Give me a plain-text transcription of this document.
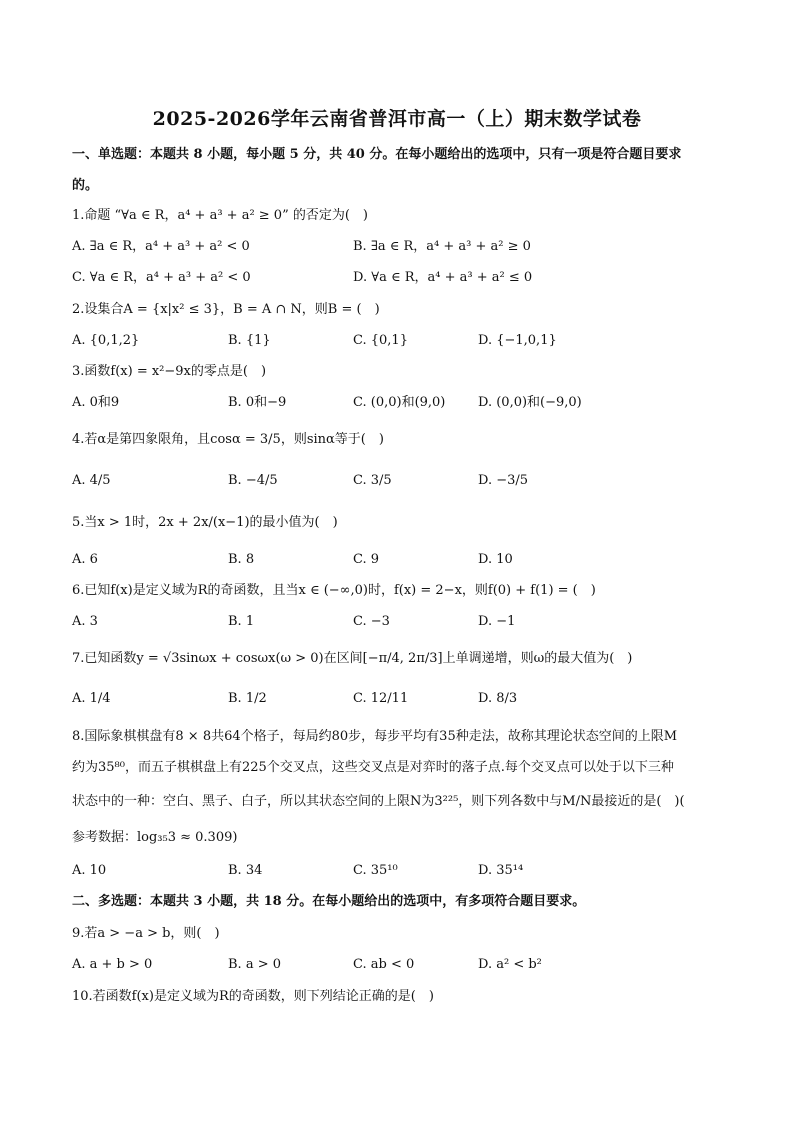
2025-2026学年云南省普洱市高一（上）期末数学试卷
一、单选题：本题共 8 小题，每小题 5 分，共 40 分。在每小题给出的选项中，只有一项是符合题目要求
的。
1.命题 “∀a ∈ R，a⁴ + a³ + a² ≥ 0” 的否定为(　)
A. ∃a ∈ R，a⁴ + a³ + a² < 0	B. ∃a ∈ R，a⁴ + a³ + a² ≥ 0
C. ∀a ∈ R，a⁴ + a³ + a² < 0	D. ∀a ∈ R，a⁴ + a³ + a² ≤ 0
2.设集合A = {x|x² ≤ 3}，B = A ∩ N，则B = (　)
A. {0,1,2}	B. {1}	C. {0,1}	D. {−1,0,1}
3.函数f(x) = x²−9x的零点是(　)
A. 0和9	B. 0和−9	C. (0,0)和(9,0)	D. (0,0)和(−9,0)
4.若α是第四象限角，且cosα = 3/5，则sinα等于(　)
A. 4/5	B. −4/5	C. 3/5	D. −3/5
5.当x > 1时，2x + 2x/(x−1)的最小值为(　)
A. 6	B. 8	C. 9	D. 10
6.已知f(x)是定义域为R的奇函数，且当x ∈ (−∞,0)时，f(x) = 2−x，则f(0) + f(1) = (　)
A. 3	B. 1	C. −3	D. −1
7.已知函数y = √3sinωx + cosωx(ω > 0)在区间[−π/4, 2π/3]上单调递增，则ω的最大值为(　)
A. 1/4	B. 1/2	C. 12/11	D. 8/3
8.国际象棋棋盘有8 × 8共64个格子，每局约80步，每步平均有35种走法，故称其理论状态空间的上限M
约为35⁸⁰，而五子棋棋盘上有225个交叉点，这些交叉点是对弈时的落子点.每个交叉点可以处于以下三种
状态中的一种：空白、黑子、白子，所以其状态空间的上限N为3²²⁵，则下列各数中与M/N最接近的是(　)(
参考数据：log₃₅3 ≈ 0.309)
A. 10	B. 34	C. 35¹⁰	D. 35¹⁴
二、多选题：本题共 3 小题，共 18 分。在每小题给出的选项中，有多项符合题目要求。
9.若a > −a > b，则(　)
A. a + b > 0	B. a > 0	C. ab < 0	D. a² < b²
10.若函数f(x)是定义域为R的奇函数，则下列结论正确的是(　)
